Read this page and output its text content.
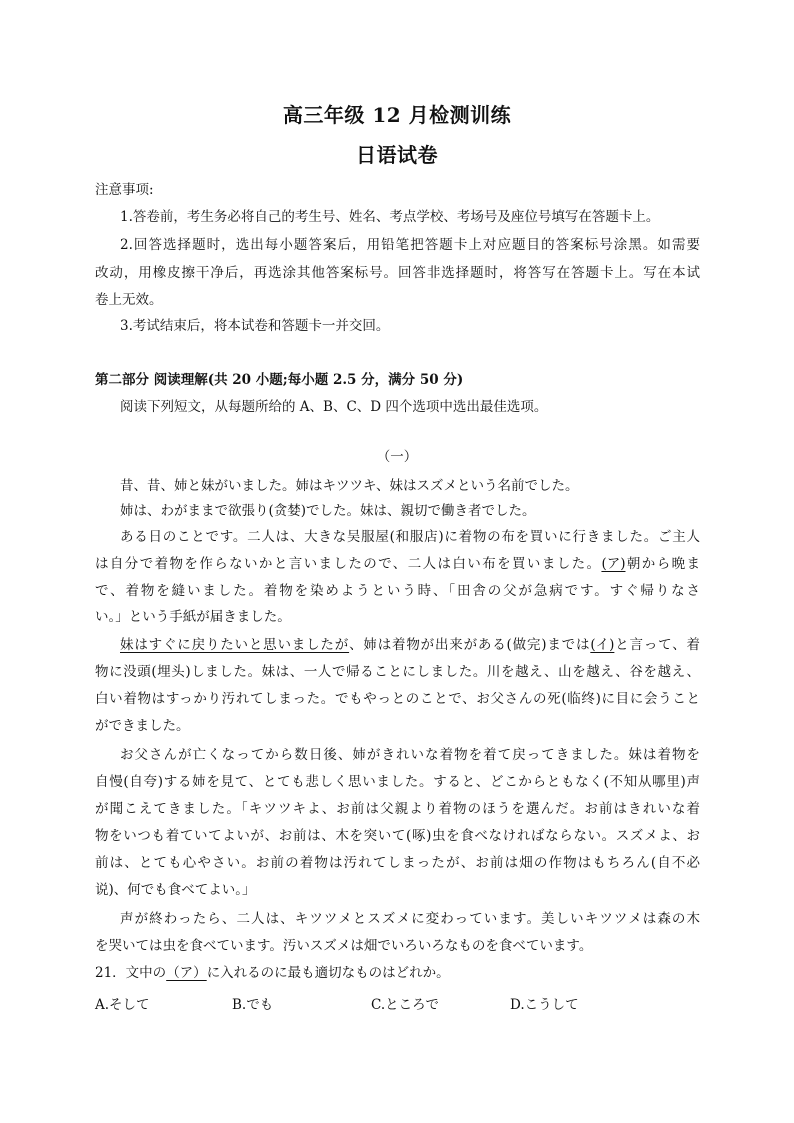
高三年级 12 月检测训练
日语试卷
注意事项:
1.答卷前，考生务必将自己的考生号、姓名、考点学校、考场号及座位号填写在答题卡上。
2.回答选择题时，选出每小题答案后，用铅笔把答题卡上对应题目的答案标号涂黑。如需要
改动，用橡皮擦干净后，再选涂其他答案标号。回答非选择题时，将答写在答题卡上。写在本试
卷上无效。
3.考试结束后，将本试卷和答题卡一并交回。
第二部分 阅读理解(共 20 小题;每小题 2.5 分，满分 50 分)
阅读下列短文，从每题所给的 A、B、C、D 四个选项中选出最佳选项。
（一）
昔、昔、姉と妹がいました。姉はキツツキ、妹はスズメという名前でした。
姉は、わがままで欲張り(贪婪)でした。妹は、親切で働き者でした。
ある日のことです。二人は、大きな吴服屋(和服店)に着物の布を買いに行きました。ご主人
は自分で着物を作らないかと言いましたので、二人は白い布を買いました。(ア)朝から晩ま
で、着物を縫いました。着物を染めようという時、「田舎の父が急病です。すぐ帰りなさ
い。」という手紙が届きました。
妹はすぐに戻りたいと思いましたが、姉は着物が出来がある(做完)までは(イ)と言って、着
物に没頭(埋头)しました。妹は、一人で帰ることにしました。川を越え、山を越え、谷を越え、
白い着物はすっかり汚れてしまった。でもやっとのことで、お父さんの死(临终)に目に会うこと
ができました。
お父さんが亡くなってから数日後、姉がきれいな着物を着て戻ってきました。妹は着物を
自慢(自夸)する姉を見て、とても悲しく思いました。すると、どこからともなく(不知从哪里)声
が聞こえてきました。「キツツキよ、お前は父親より着物のほうを選んだ。お前はきれいな着
物をいつも着ていてよいが、お前は、木を突いて(啄)虫を食べなければならない。スズメよ、お
前は、とても心やさい。お前の着物は汚れてしまったが、お前は畑の作物はもちろん(自不必
说)、何でも食べてよい。」
声が終わったら、二人は、キツツメとスズメに変わっています。美しいキツツメは森の木
を哭いては虫を食べています。汚いスズメは畑でいろいろなものを食べています。
21．文中の（ア）に入れるのに最も適切なものはどれか。
A.そして	B.でも	C.ところで	D.こうして
